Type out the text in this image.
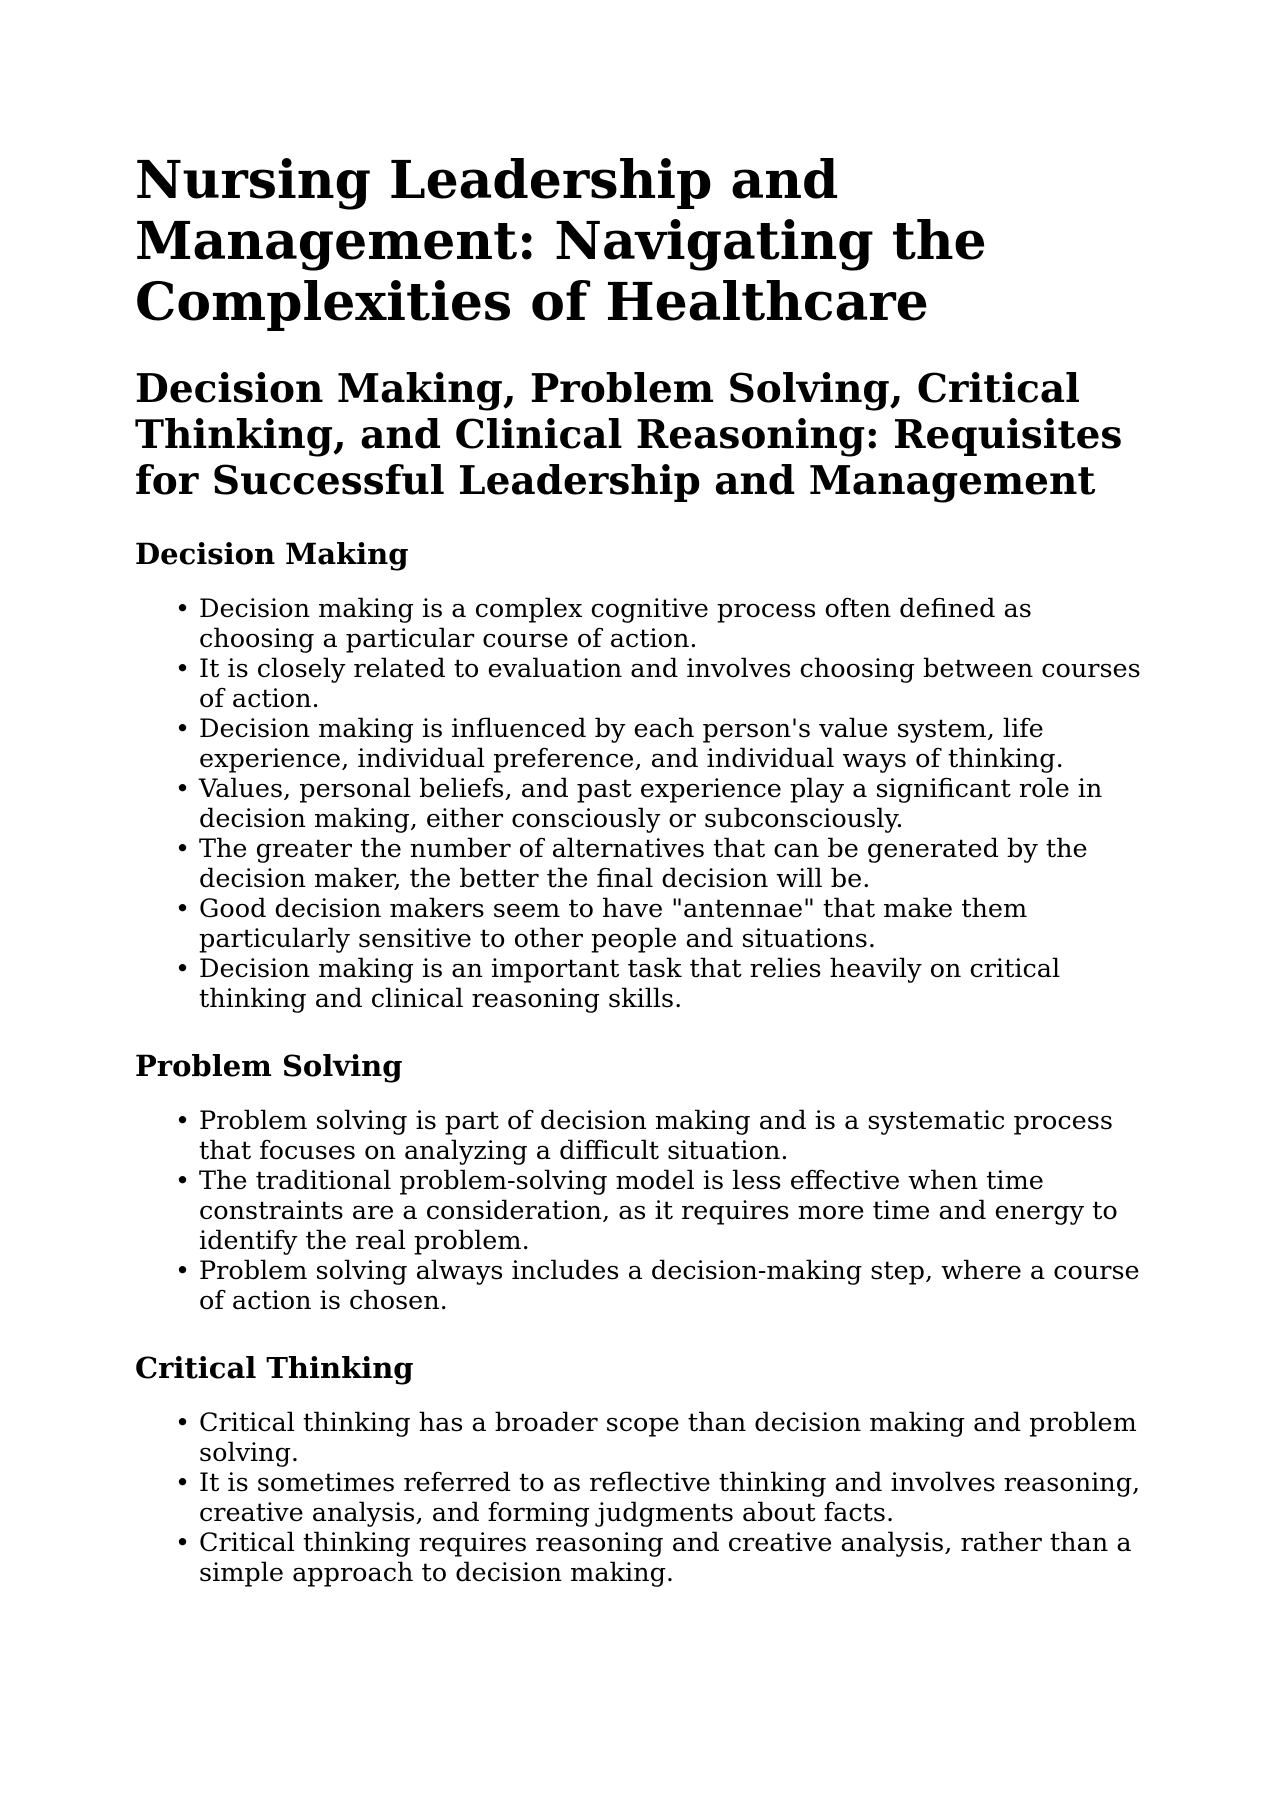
Nursing Leadership and Management: Navigating the Complexities of Healthcare
Decision Making, Problem Solving, Critical Thinking, and Clinical Reasoning: Requisites for Successful Leadership and Management
Decision Making
• Decision making is a complex cognitive process often defined as choosing a particular course of action.
• It is closely related to evaluation and involves choosing between courses of action.
• Decision making is influenced by each person's value system, life experience, individual preference, and individual ways of thinking.
• Values, personal beliefs, and past experience play a significant role in decision making, either consciously or subconsciously.
• The greater the number of alternatives that can be generated by the decision maker, the better the final decision will be.
• Good decision makers seem to have "antennae" that make them particularly sensitive to other people and situations.
• Decision making is an important task that relies heavily on critical thinking and clinical reasoning skills.
Problem Solving
• Problem solving is part of decision making and is a systematic process that focuses on analyzing a difficult situation.
• The traditional problem-solving model is less effective when time constraints are a consideration, as it requires more time and energy to identify the real problem.
• Problem solving always includes a decision-making step, where a course of action is chosen.
Critical Thinking
• Critical thinking has a broader scope than decision making and problem solving.
• It is sometimes referred to as reflective thinking and involves reasoning, creative analysis, and forming judgments about facts.
• Critical thinking requires reasoning and creative analysis, rather than a simple approach to decision making.
